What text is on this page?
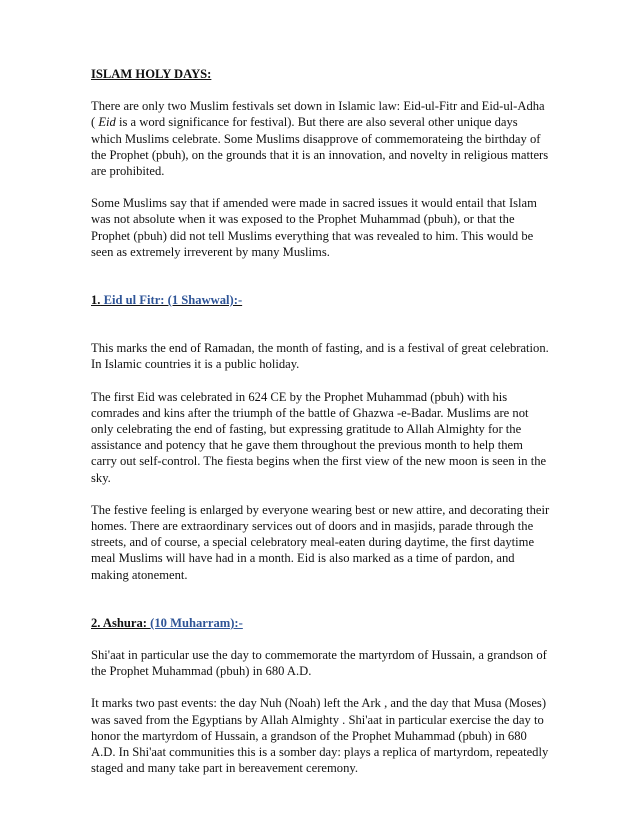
ISLAM HOLY DAYS:

There are only two Muslim festivals set down in Islamic law: Eid-ul-Fitr and Eid-ul-Adha ( Eid is a word significance for festival). But there are also several other unique days which Muslims celebrate. Some Muslims disapprove of commemorateing the birthday of the Prophet (pbuh), on the grounds that it is an innovation, and novelty in religious matters are prohibited.

Some Muslims say that if amended were made in sacred issues it would entail that Islam was not absolute when it was exposed to the Prophet Muhammad (pbuh), or that the Prophet (pbuh) did not tell Muslims everything that was revealed to him. This would be seen as extremely irreverent by many Muslims.

1. Eid ul Fitr: (1 Shawwal):-

This marks the end of Ramadan, the month of fasting, and is a festival of great celebration. In Islamic countries it is a public holiday.

The first Eid was celebrated in 624 CE by the Prophet Muhammad (pbuh) with his comrades and kins after the triumph of the battle of Ghazwa -e-Badar. Muslims are not only celebrating the end of fasting, but expressing gratitude to Allah Almighty for the assistance and potency that he gave them throughout the previous month to help them carry out self-control. The fiesta begins when the first view of the new moon is seen in the sky.

The festive feeling is enlarged by everyone wearing best or new attire, and decorating their homes. There are extraordinary services out of doors and in masjids, parade through the streets, and of course, a special celebratory meal-eaten during daytime, the first daytime meal Muslims will have had in a month. Eid is also marked as a time of pardon, and making atonement.

2. Ashura: (10 Muharram):-

Shi'aat in particular use the day to commemorate the martyrdom of Hussain, a grandson of the Prophet Muhammad (pbuh) in 680 A.D.

It marks two past events: the day Nuh (Noah) left the Ark , and the day that Musa (Moses) was saved from the Egyptians by Allah Almighty . Shi'aat in particular exercise the day to honor the martyrdom of Hussain, a grandson of the Prophet Muhammad (pbuh) in 680 A.D. In Shi'aat communities this is a somber day: plays a replica of martyrdom, repeatedly staged and many take part in bereavement ceremony.
